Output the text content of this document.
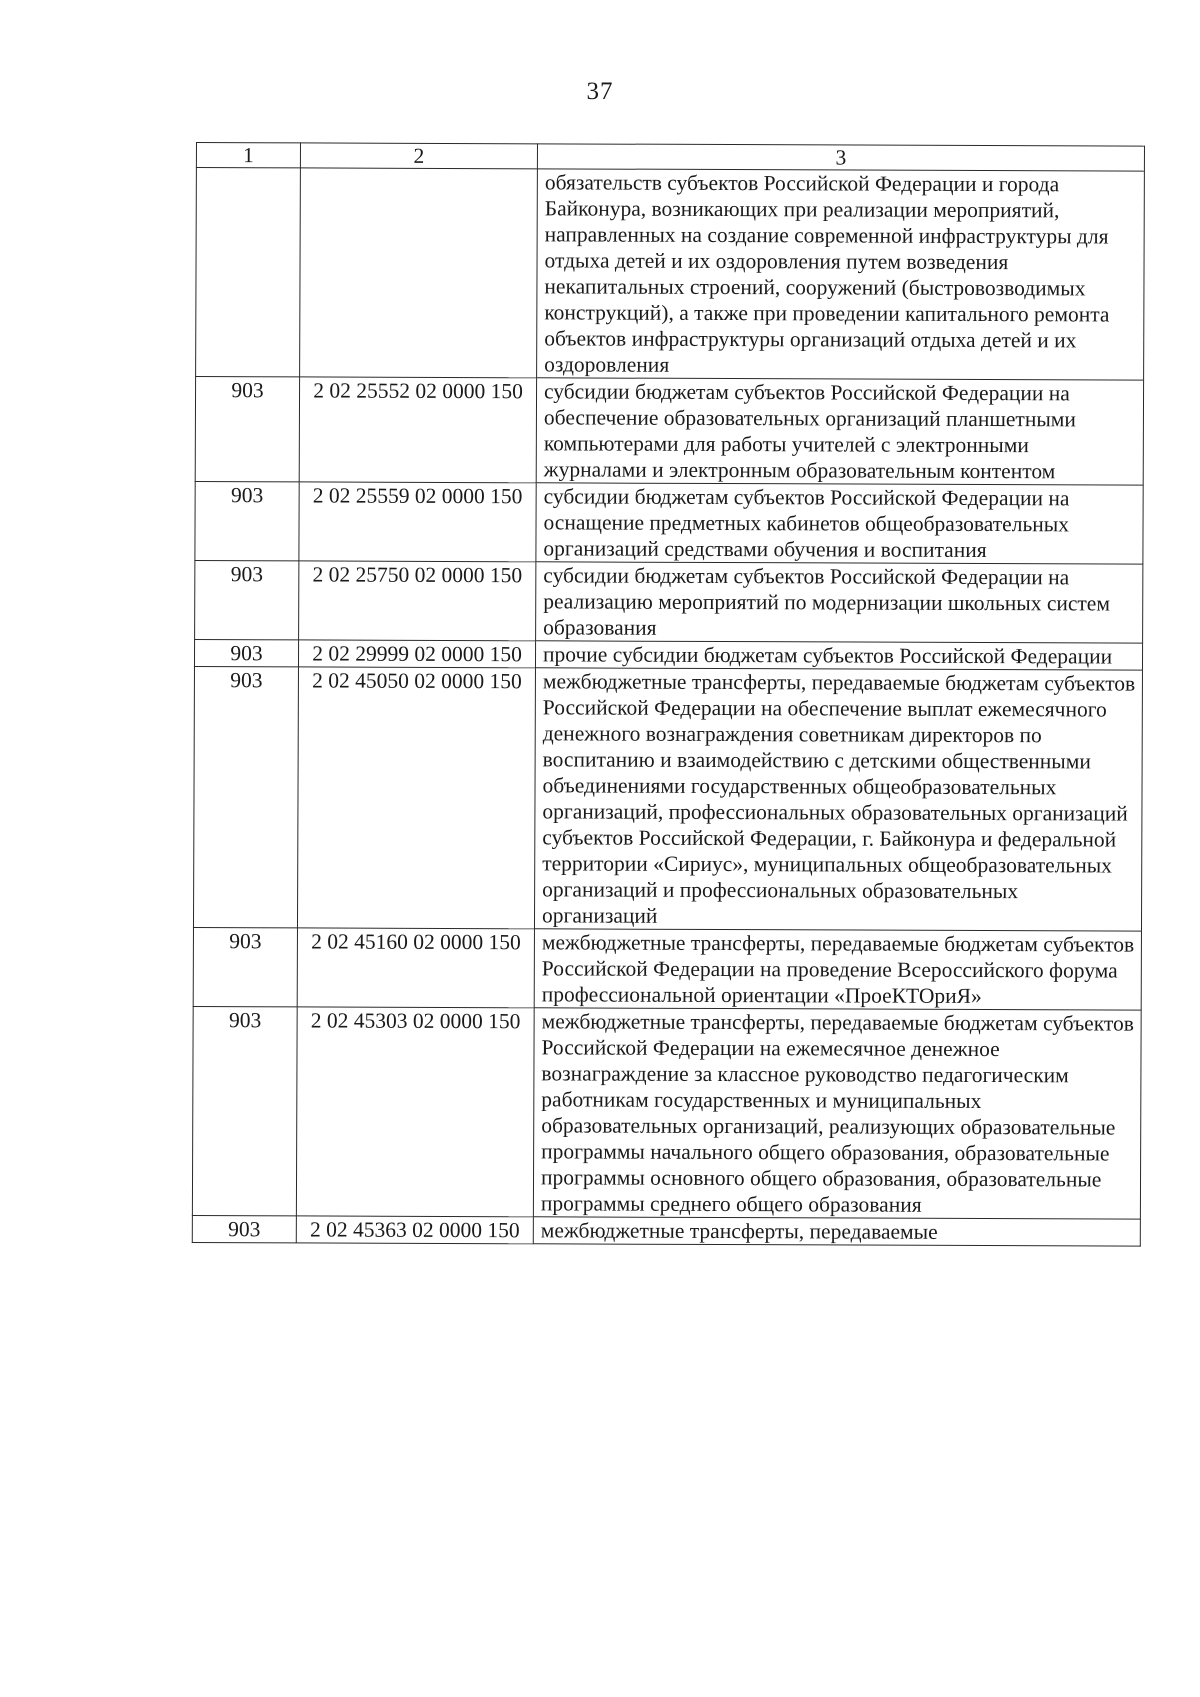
37
1	2	3
		обязательств субъектов Российской Федерации и города Байконура, возникающих при реализации мероприятий, направленных на создание современной инфраструктуры для отдыха детей и их оздоровления путем возведения некапитальных строений, сооружений (быстровозводимых конструкций), а также при проведении капитального ремонта объектов инфраструктуры организаций отдыха детей и их оздоровления
903	2 02 25552 02 0000 150	субсидии бюджетам субъектов Российской Федерации на обеспечение образовательных организаций планшетными компьютерами для работы учителей с электронными журналами и электронным образовательным контентом
903	2 02 25559 02 0000 150	субсидии бюджетам субъектов Российской Федерации на оснащение предметных кабинетов общеобразовательных организаций средствами обучения и воспитания
903	2 02 25750 02 0000 150	субсидии бюджетам субъектов Российской Федерации на реализацию мероприятий по модернизации школьных систем образования
903	2 02 29999 02 0000 150	прочие субсидии бюджетам субъектов Российской Федерации
903	2 02 45050 02 0000 150	межбюджетные трансферты, передаваемые бюджетам субъектов Российской Федерации на обеспечение выплат ежемесячного денежного вознаграждения советникам директоров по воспитанию и взаимодействию с детскими общественными объединениями государственных общеобразовательных организаций, профессиональных образовательных организаций субъектов Российской Федерации, г. Байконура и федеральной территории «Сириус», муниципальных общеобразовательных организаций и профессиональных образовательных организаций
903	2 02 45160 02 0000 150	межбюджетные трансферты, передаваемые бюджетам субъектов Российской Федерации на проведение Всероссийского форума профессиональной ориентации «ПроеКТОриЯ»
903	2 02 45303 02 0000 150	межбюджетные трансферты, передаваемые бюджетам субъектов Российской Федерации на ежемесячное денежное вознаграждение за классное руководство педагогическим работникам государственных и муниципальных образовательных организаций, реализующих образовательные программы начального общего образования, образовательные программы основного общего образования, образовательные программы среднего общего образования
903	2 02 45363 02 0000 150	межбюджетные трансферты, передаваемые
